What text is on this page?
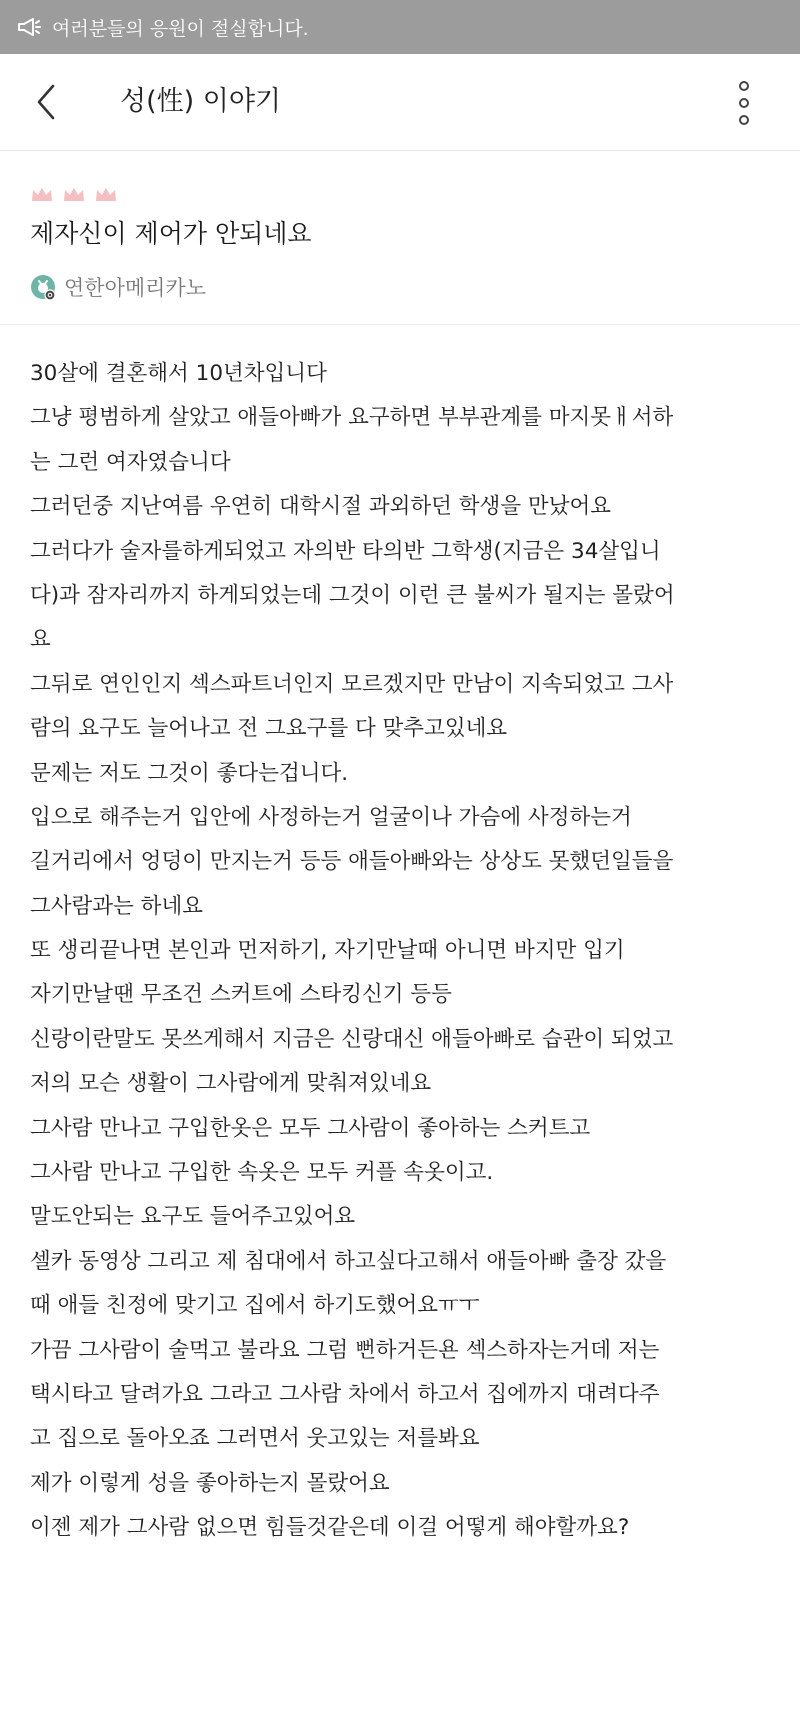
여러분들의 응원이 절실합니다.
성(性) 이야기
제자신이 제어가 안되네요
연한아메리카노
30살에 결혼해서 10년차입니다
그냥 평범하게 살았고 애들아빠가 요구하면 부부관계를 마지못ㅐ서하
는 그런 여자였습니다
그러던중 지난여름 우연히 대학시절 과외하던 학생을 만났어요
그러다가 술자를하게되었고 자의반 타의반 그학생(지금은 34살입니
다)과 잠자리까지 하게되었는데 그것이 이런 큰 불씨가 될지는 몰랐어
요
그뒤로 연인인지 섹스파트너인지 모르겠지만 만남이 지속되었고 그사
람의 요구도 늘어나고 전 그요구를 다 맞추고있네요
문제는 저도 그것이 좋다는겁니다.
입으로 해주는거 입안에 사정하는거 얼굴이나 가슴에 사정하는거
길거리에서 엉덩이 만지는거 등등 애들아빠와는 상상도 못했던일들을
그사람과는 하네요
또 생리끝나면 본인과 먼저하기, 자기만날때 아니면 바지만 입기
자기만날땐 무조건 스커트에 스타킹신기 등등
신랑이란말도 못쓰게해서 지금은 신랑대신 애들아빠로 습관이 되었고
저의 모슨 생활이 그사람에게 맞춰져있네요
그사람 만나고 구입한옷은 모두 그사람이 좋아하는 스커트고
그사람 만나고 구입한 속옷은 모두 커플 속옷이고.
말도안되는 요구도 들어주고있어요
셀카 동영상 그리고 제 침대에서 하고싶다고해서 애들아빠 출장 갔을
때 애들 친정에 맞기고 집에서 하기도했어요ㅠㅜ
가끔 그사람이 술먹고 불라요 그럼 뻔하거든욘 섹스하자는거데 저는
택시타고 달려가요 그라고 그사람 차에서 하고서 집에까지 대려다주
고 집으로 돌아오죠 그러면서 웃고있는 저를봐요
제가 이렇게 성을 좋아하는지 몰랐어요
이젠 제가 그사람 없으면 힘들것같은데 이걸 어떻게 해야할까요?
